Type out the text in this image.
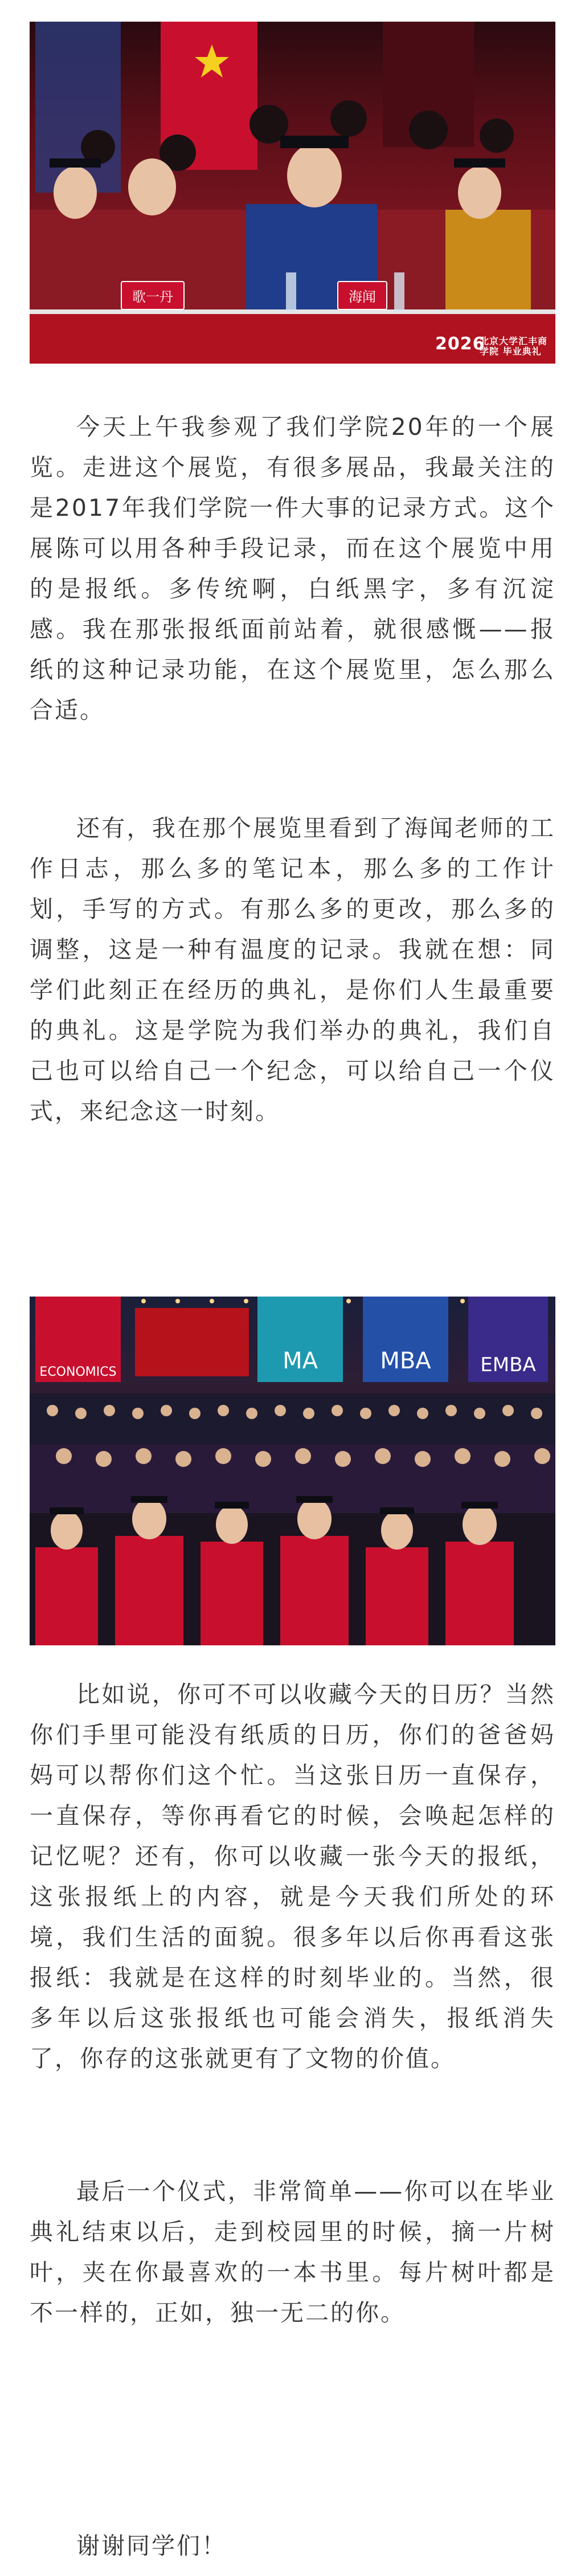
歌一丹	海闻
2026
北京大学汇丰商学院 毕业典礼

今天上午我参观了我们学院20年的一个展览。走进这个展览，有很多展品，我最关注的是2017年我们学院一件大事的记录方式。这个展陈可以用各种手段记录，而在这个展览中用的是报纸。多传统啊，白纸黑字，多有沉淀感。我在那张报纸面前站着，就很感慨——报纸的这种记录功能，在这个展览里，怎么那么合适。

还有，我在那个展览里看到了海闻老师的工作日志，那么多的笔记本，那么多的工作计划，手写的方式。有那么多的更改，那么多的调整，这是一种有温度的记录。我就在想：同学们此刻正在经历的典礼，是你们人生最重要的典礼。这是学院为我们举办的典礼，我们自己也可以给自己一个纪念，可以给自己一个仪式，来纪念这一时刻。

ECONOMICS	MA	MBA	EMBA

比如说，你可不可以收藏今天的日历？当然你们手里可能没有纸质的日历，你们的爸爸妈妈可以帮你们这个忙。当这张日历一直保存，一直保存，等你再看它的时候，会唤起怎样的记忆呢？还有，你可以收藏一张今天的报纸，这张报纸上的内容，就是今天我们所处的环境，我们生活的面貌。很多年以后你再看这张报纸：我就是在这样的时刻毕业的。当然，很多年以后这张报纸也可能会消失，报纸消失了，你存的这张就更有了文物的价值。

最后一个仪式，非常简单——你可以在毕业典礼结束以后，走到校园里的时候，摘一片树叶，夹在你最喜欢的一本书里。每片树叶都是不一样的，正如，独一无二的你。

谢谢同学们！
